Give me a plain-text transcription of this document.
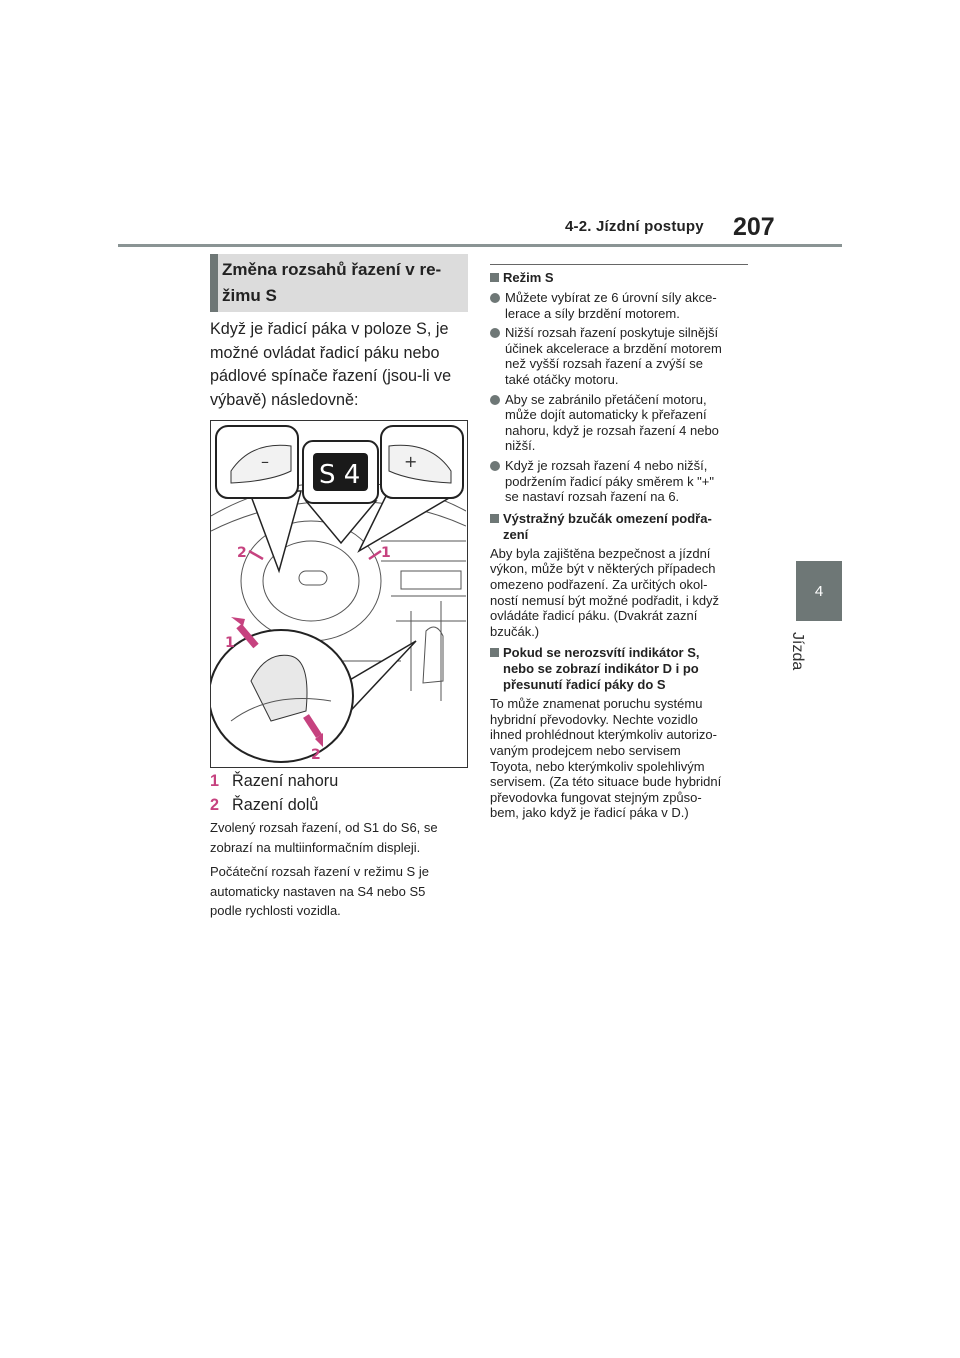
4-2. Jízdní postupy 207
4
Jízda
Změna rozsahů řazení v re-
žimu S
Když je řadicí páka v poloze S, je
možné ovládat řadicí páku nebo
pádlové spínače řazení (jsou-li ve
výbavě) následovně:
–	+
S 4
2	1
1
2
1 Řazení nahoru
2 Řazení dolů
Zvolený rozsah řazení, od S1 do S6, se
zobrazí na multiinformačním displeji.
Počáteční rozsah řazení v režimu S je
automaticky nastaven na S4 nebo S5
podle rychlosti vozidla.
Režim S
Můžete vybírat ze 6 úrovní síly akce-
lerace a síly brzdění motorem.
Nižší rozsah řazení poskytuje silnější
účinek akcelerace a brzdění motorem
než vyšší rozsah řazení a zvýší se
také otáčky motoru.
Aby se zabránilo přetáčení motoru,
může dojít automaticky k přeřazení
nahoru, když je rozsah řazení 4 nebo
nižší.
Když je rozsah řazení 4 nebo nižší,
podržením řadicí páky směrem k "+"
se nastaví rozsah řazení na 6.
Výstražný bzučák omezení podřa-
zení
Aby byla zajištěna bezpečnost a jízdní
výkon, může být v některých případech
omezeno podřazení. Za určitých okol-
ností nemusí být možné podřadit, i když
ovládáte řadicí páku. (Dvakrát zazní
bzučák.)
Pokud se nerozsvítí indikátor S,
nebo se zobrazí indikátor D i po
přesunutí řadicí páky do S
To může znamenat poruchu systému
hybridní převodovky. Nechte vozidlo
ihned prohlédnout kterýmkoliv autorizo-
vaným prodejcem nebo servisem
Toyota, nebo kterýmkoliv spolehlivým
servisem. (Za této situace bude hybridní
převodovka fungovat stejným způso-
bem, jako když je řadicí páka v D.)
